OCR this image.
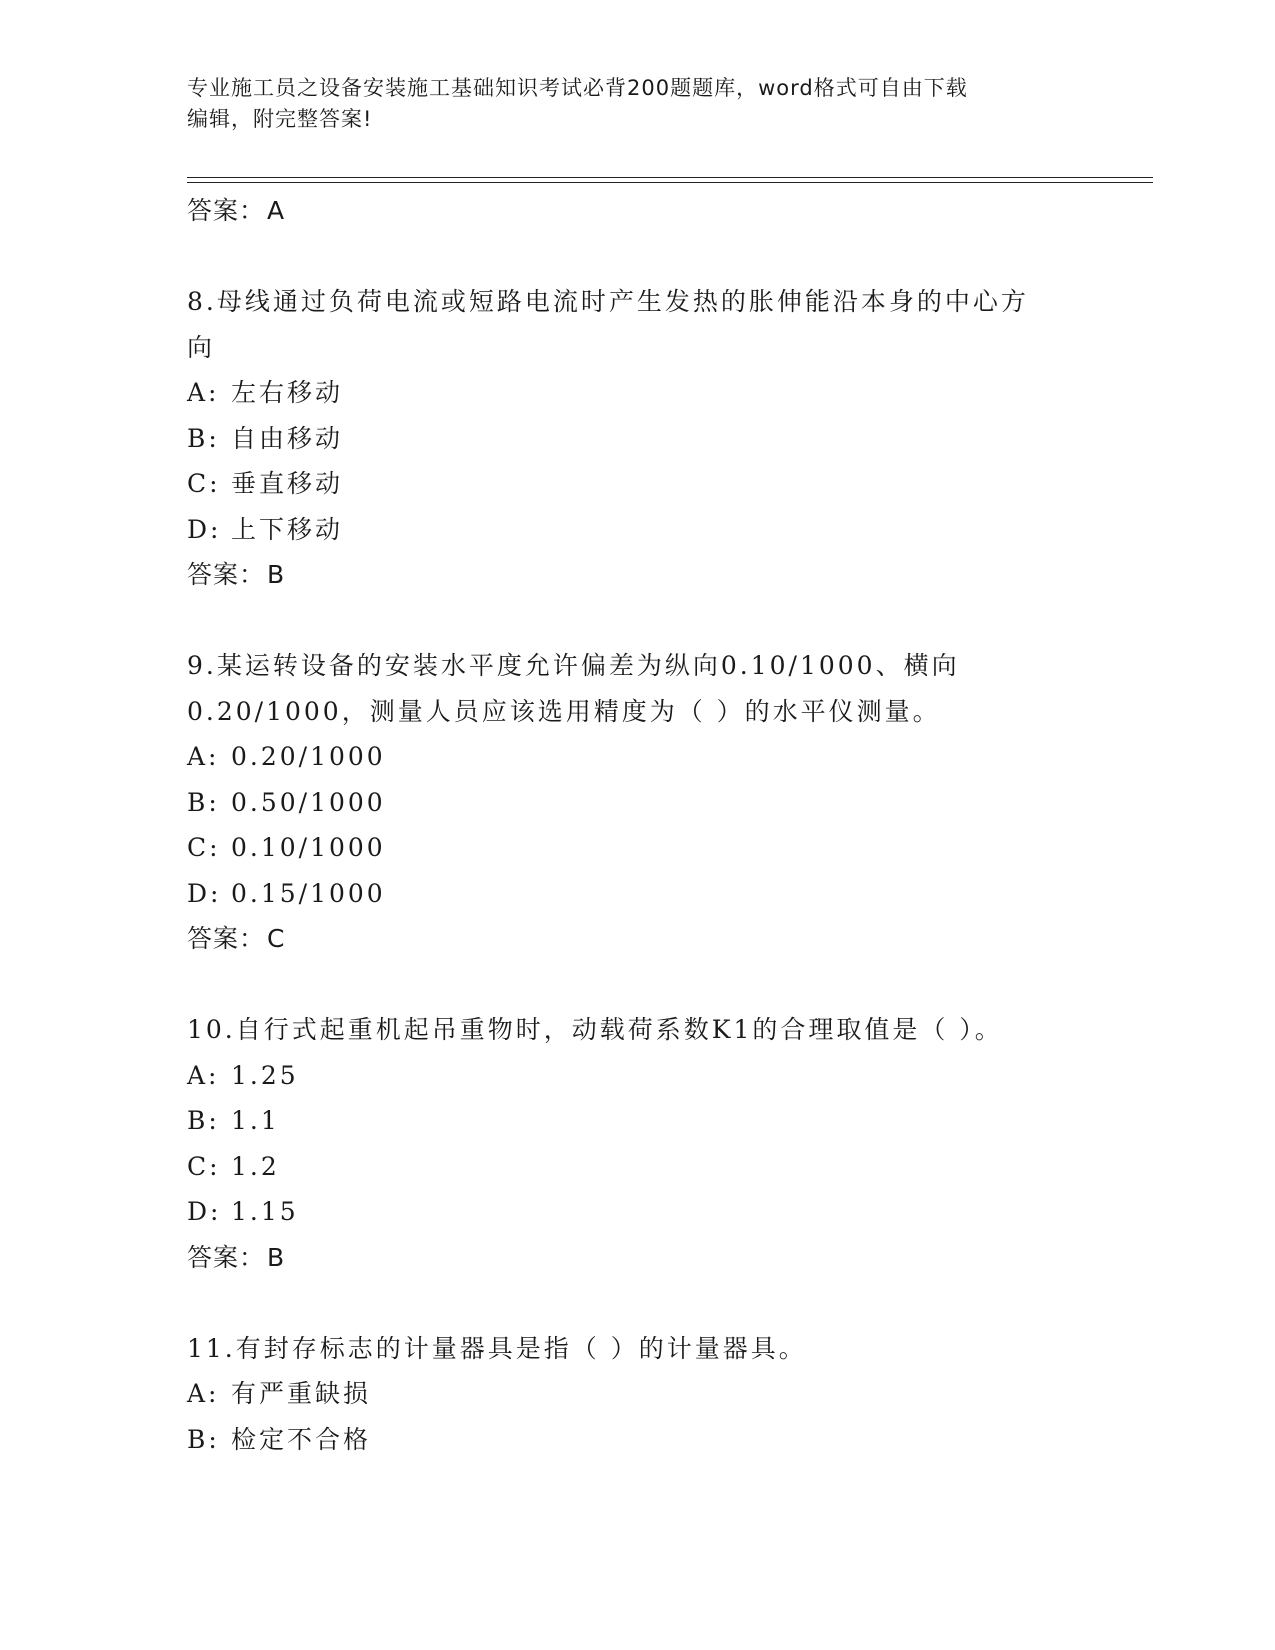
专业施工员之设备安装施工基础知识考试必背200题题库，word格式可自由下载
编辑，附完整答案!
答案：A
8.母线通过负荷电流或短路电流时产生发热的胀伸能沿本身的中心方
向
A: 左右移动
B: 自由移动
C: 垂直移动
D: 上下移动
答案：B
9.某运转设备的安装水平度允许偏差为纵向0.10/1000、横向
0.20/1000，测量人员应该选用精度为（ ）的水平仪测量。
A: 0.20/1000
B: 0.50/1000
C: 0.10/1000
D: 0.15/1000
答案：C
10.自行式起重机起吊重物时，动载荷系数K1的合理取值是（ ）。
A: 1.25
B: 1.1
C: 1.2
D: 1.15
答案：B
11.有封存标志的计量器具是指（ ）的计量器具。
A: 有严重缺损
B: 检定不合格
